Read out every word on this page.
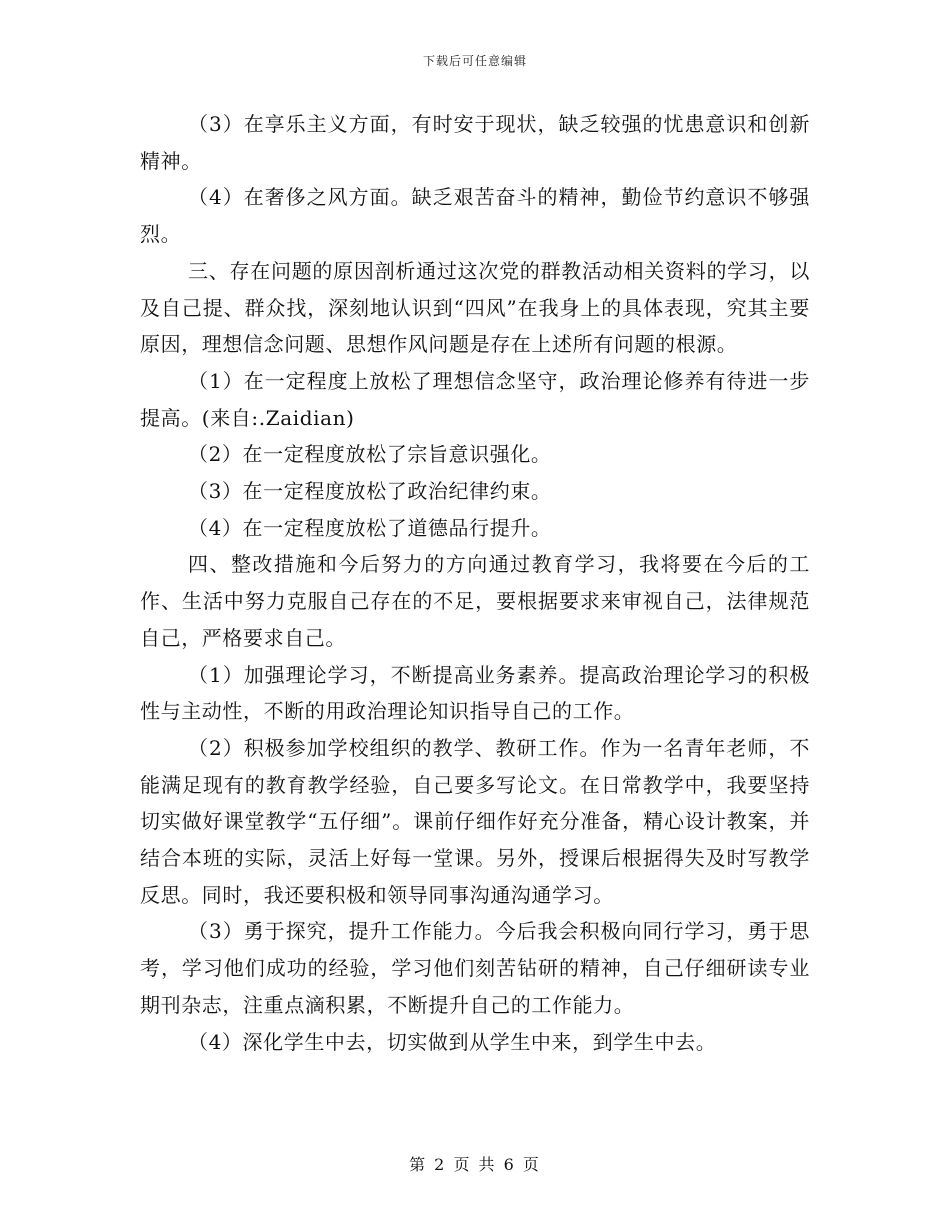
下载后可任意编辑

（3）在享乐主义方面，有时安于现状，缺乏较强的忧患意识和创新精神。

（4）在奢侈之风方面。缺乏艰苦奋斗的精神，勤俭节约意识不够强烈。

三、存在问题的原因剖析通过这次党的群教活动相关资料的学习，以及自己提、群众找，深刻地认识到“四风”在我身上的具体表现，究其主要原因，理想信念问题、思想作风问题是存在上述所有问题的根源。

（1）在一定程度上放松了理想信念坚守，政治理论修养有待进一步提高。(来自:.Zaidian)

（2）在一定程度放松了宗旨意识强化。

（3）在一定程度放松了政治纪律约束。

（4）在一定程度放松了道德品行提升。

四、整改措施和今后努力的方向通过教育学习，我将要在今后的工作、生活中努力克服自己存在的不足，要根据要求来审视自己，法律规范自己，严格要求自己。

（1）加强理论学习，不断提高业务素养。提高政治理论学习的积极性与主动性，不断的用政治理论知识指导自己的工作。

（2）积极参加学校组织的教学、教研工作。作为一名青年老师，不能满足现有的教育教学经验，自己要多写论文。在日常教学中，我要坚持切实做好课堂教学“五仔细”。课前仔细作好充分准备，精心设计教案，并结合本班的实际，灵活上好每一堂课。另外，授课后根据得失及时写教学反思。同时，我还要积极和领导同事沟通沟通学习。

（3）勇于探究，提升工作能力。今后我会积极向同行学习，勇于思考，学习他们成功的经验，学习他们刻苦钻研的精神，自己仔细研读专业期刊杂志，注重点滴积累，不断提升自己的工作能力。

（4）深化学生中去，切实做到从学生中来，到学生中去。

第 2 页 共 6 页
